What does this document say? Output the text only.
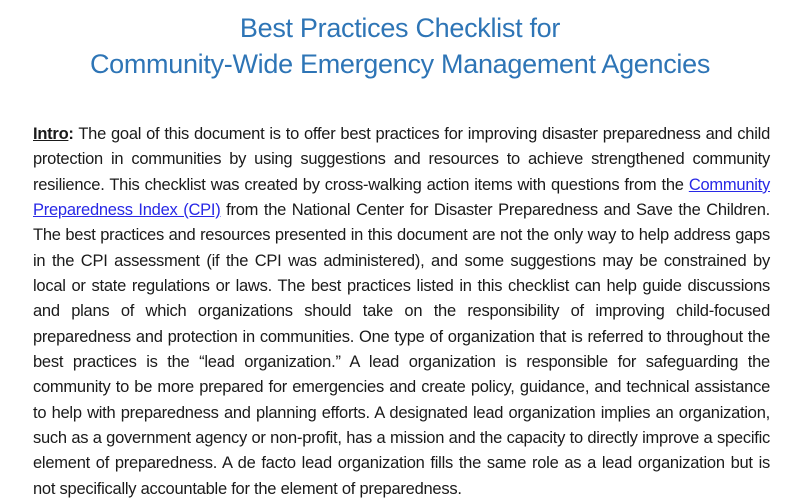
Best Practices Checklist for
Community-Wide Emergency Management Agencies

Intro: The goal of this document is to offer best practices for improving disaster preparedness and child protection in communities by using suggestions and resources to achieve strengthened community resilience. This checklist was created by cross-walking action items with questions from the Community Preparedness Index (CPI) from the National Center for Disaster Preparedness and Save the Children. The best practices and resources presented in this document are not the only way to help address gaps in the CPI assessment (if the CPI was administered), and some suggestions may be constrained by local or state regulations or laws. The best practices listed in this checklist can help guide discussions and plans of which organizations should take on the responsibility of improving child-focused preparedness and protection in communities. One type of organization that is referred to throughout the best practices is the “lead organization.” A lead organization is responsible for safeguarding the community to be more prepared for emergencies and create policy, guidance, and technical assistance to help with preparedness and planning efforts. A designated lead organization implies an organization, such as a government agency or non-profit, has a mission and the capacity to directly improve a specific element of preparedness. A de facto lead organization fills the same role as a lead organization but is not specifically accountable for the element of preparedness.
